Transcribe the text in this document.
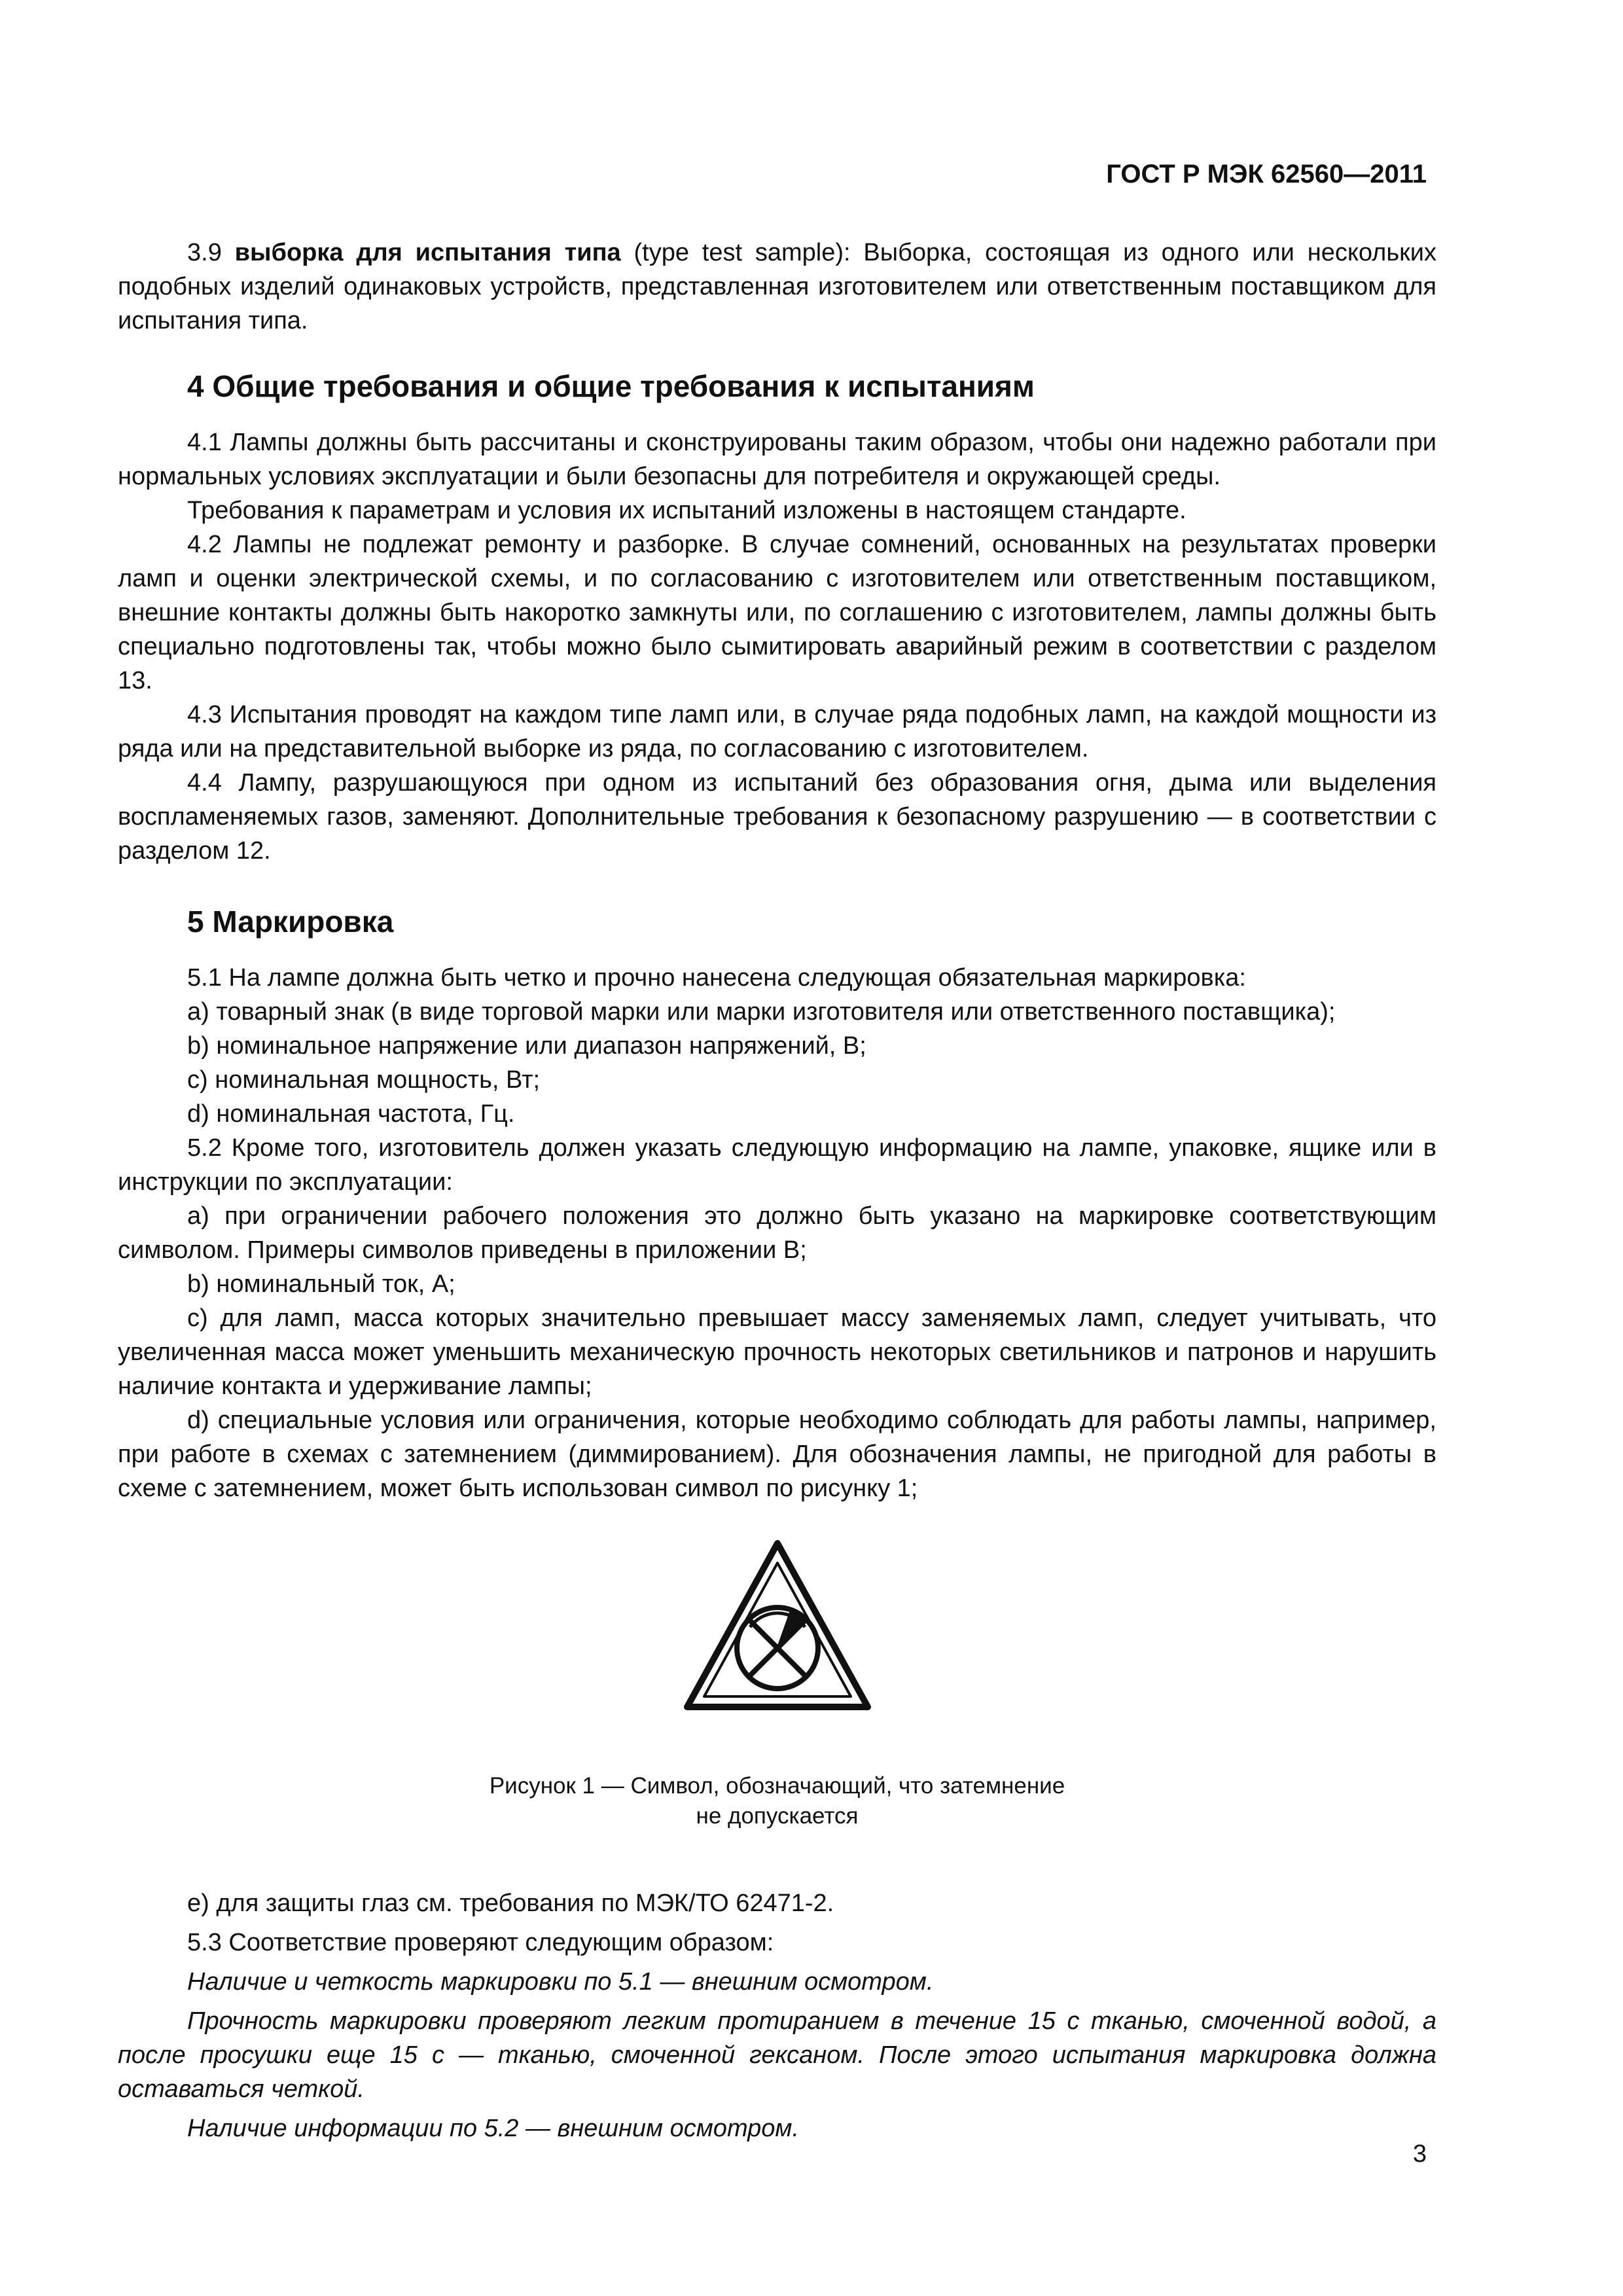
ГОСТ Р МЭК 62560—2011

3.9 выборка для испытания типа (type test sample): Выборка, состоящая из одного или нескольких подобных изделий одинаковых устройств, представленная изготовителем или ответственным поставщиком для испытания типа.

4 Общие требования и общие требования к испытаниям

4.1 Лампы должны быть рассчитаны и сконструированы таким образом, чтобы они надежно работали при нормальных условиях эксплуатации и были безопасны для потребителя и окружающей среды.

Требования к параметрам и условия их испытаний изложены в настоящем стандарте.

4.2 Лампы не подлежат ремонту и разборке. В случае сомнений, основанных на результатах проверки ламп и оценки электрической схемы, и по согласованию с изготовителем или ответственным поставщиком, внешние контакты должны быть накоротко замкнуты или, по соглашению с изготовителем, лампы должны быть специально подготовлены так, чтобы можно было сымитировать аварийный режим в соответствии с разделом 13.

4.3 Испытания проводят на каждом типе ламп или, в случае ряда подобных ламп, на каждой мощности из ряда или на представительной выборке из ряда, по согласованию с изготовителем.

4.4 Лампу, разрушающуюся при одном из испытаний без образования огня, дыма или выделения воспламеняемых газов, заменяют. Дополнительные требования к безопасному разрушению — в соответствии с разделом 12.

5 Маркировка

5.1 На лампе должна быть четко и прочно нанесена следующая обязательная маркировка:

a) товарный знак (в виде торговой марки или марки изготовителя или ответственного поставщика);

b) номинальное напряжение или диапазон напряжений, В;

c) номинальная мощность, Вт;

d) номинальная частота, Гц.

5.2 Кроме того, изготовитель должен указать следующую информацию на лампе, упаковке, ящике или в инструкции по эксплуатации:

a) при ограничении рабочего положения это должно быть указано на маркировке соответствующим символом. Примеры символов приведены в приложении В;

b) номинальный ток, А;

c) для ламп, масса которых значительно превышает массу заменяемых ламп, следует учитывать, что увеличенная масса может уменьшить механическую прочность некоторых светильников и патронов и нарушить наличие контакта и удерживание лампы;

d) специальные условия или ограничения, которые необходимо соблюдать для работы лампы, например, при работе в схемах с затемнением (диммированием). Для обозначения лампы, не пригодной для работы в схеме с затемнением, может быть использован символ по рисунку 1;

Рисунок 1 — Символ, обозначающий, что затемнение
не допускается

e) для защиты глаз см. требования по МЭК/ТО 62471-2.

5.3 Соответствие проверяют следующим образом:

Наличие и четкость маркировки по 5.1 — внешним осмотром.

Прочность маркировки проверяют легким протиранием в течение 15 с тканью, смоченной водой, а после просушки еще 15 с — тканью, смоченной гексаном. После этого испытания маркировка должна оставаться четкой.

Наличие информации по 5.2 — внешним осмотром.

3
